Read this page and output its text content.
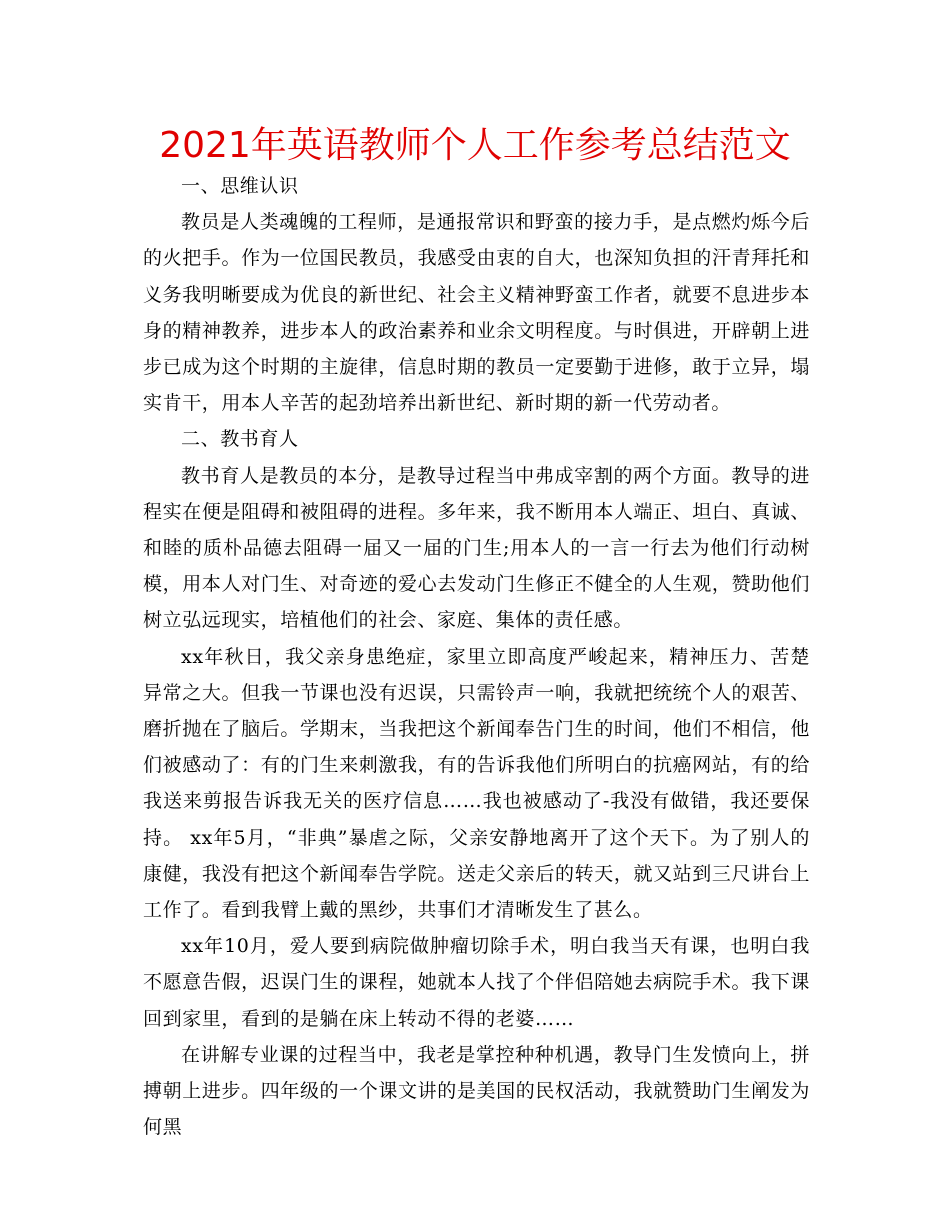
2021年英语教师个人工作参考总结范文

一、思维认识

教员是人类魂魄的工程师，是通报常识和野蛮的接力手，是点燃灼烁今后的火把手。作为一位国民教员，我感受由衷的自大，也深知负担的汗青拜托和义务我明晰要成为优良的新世纪、社会主义精神野蛮工作者，就要不息进步本身的精神教养，进步本人的政治素养和业余文明程度。与时俱进，开辟朝上进步已成为这个时期的主旋律，信息时期的教员一定要勤于进修，敢于立异，塌实肯干，用本人辛苦的起劲培养出新世纪、新时期的新一代劳动者。

二、教书育人

教书育人是教员的本分，是教导过程当中弗成宰割的两个方面。教导的进程实在便是阻碍和被阻碍的进程。多年来，我不断用本人端正、坦白、真诚、和睦的质朴品德去阻碍一届又一届的门生;用本人的一言一行去为他们行动树模，用本人对门生、对奇迹的爱心去发动门生修正不健全的人生观，赞助他们树立弘远现实，培植他们的社会、家庭、集体的责任感。

xx年秋日，我父亲身患绝症，家里立即高度严峻起来，精神压力、苦楚异常之大。但我一节课也没有迟误，只需铃声一响，我就把统统个人的艰苦、磨折抛在了脑后。学期末，当我把这个新闻奉告门生的时间，他们不相信，他们被感动了：有的门生来刺激我，有的告诉我他们所明白的抗癌网站，有的给我送来剪报告诉我无关的医疗信息……我也被感动了-我没有做错，我还要保持。 xx年5月，“非典”暴虐之际，父亲安静地离开了这个天下。为了别人的康健，我没有把这个新闻奉告学院。送走父亲后的转天，就又站到三尺讲台上工作了。看到我臂上戴的黑纱，共事们才清晰发生了甚么。

xx年10月，爱人要到病院做肿瘤切除手术，明白我当天有课，也明白我不愿意告假，迟误门生的课程，她就本人找了个伴侣陪她去病院手术。我下课回到家里，看到的是躺在床上转动不得的老婆……

在讲解专业课的过程当中，我老是掌控种种机遇，教导门生发愤向上，拼搏朝上进步。四年级的一个课文讲的是美国的民权活动，我就赞助门生阐发为何黑
